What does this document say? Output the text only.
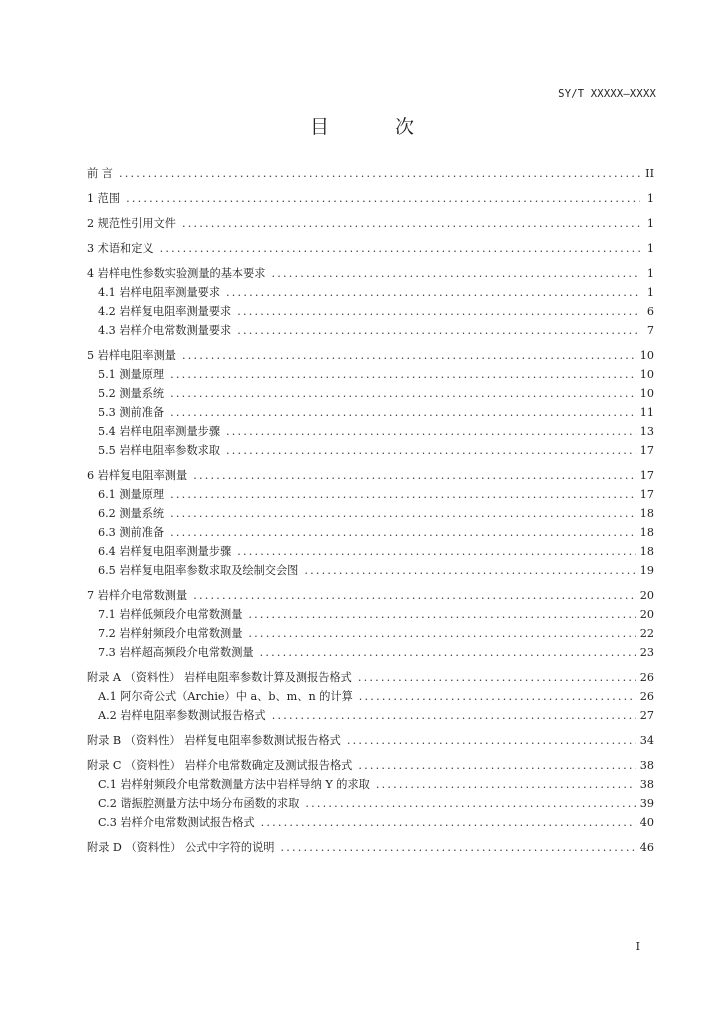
SY/T XXXXX—XXXX
目 次
前 言 .....	II
1 范围 .....	1
2 规范性引用文件 .....	1
3 术语和定义 .....	1
4 岩样电性参数实验测量的基本要求 .....	1
4.1 岩样电阻率测量要求 .....	1
4.2 岩样复电阻率测量要求 .....	6
4.3 岩样介电常数测量要求 .....	7
5 岩样电阻率测量 .....	10
5.1 测量原理 .....	10
5.2 测量系统 .....	10
5.3 测前准备 .....	11
5.4 岩样电阻率测量步骤 .....	13
5.5 岩样电阻率参数求取 .....	17
6 岩样复电阻率测量 .....	17
6.1 测量原理 .....	17
6.2 测量系统 .....	18
6.3 测前准备 .....	18
6.4 岩样复电阻率测量步骤 .....	18
6.5 岩样复电阻率参数求取及绘制交会图 .....	19
7 岩样介电常数测量 .....	20
7.1 岩样低频段介电常数测量 .....	20
7.2 岩样射频段介电常数测量 .....	22
7.3 岩样超高频段介电常数测量 .....	23
附录 A （资料性） 岩样电阻率参数计算及测报告格式 .....	26
A.1 阿尔奇公式（Archie）中 a、b、m、n 的计算 .....	26
A.2 岩样电阻率参数测试报告格式 .....	27
附录 B （资料性） 岩样复电阻率参数测试报告格式 .....	34
附录 C （资料性） 岩样介电常数确定及测试报告格式 .....	38
C.1 岩样射频段介电常数测量方法中岩样导纳 Y 的求取 .....	38
C.2 谐振腔测量方法中场分布函数的求取 .....	39
C.3 岩样介电常数测试报告格式 .....	40
附录 D （资料性） 公式中字符的说明 .....	46
I
